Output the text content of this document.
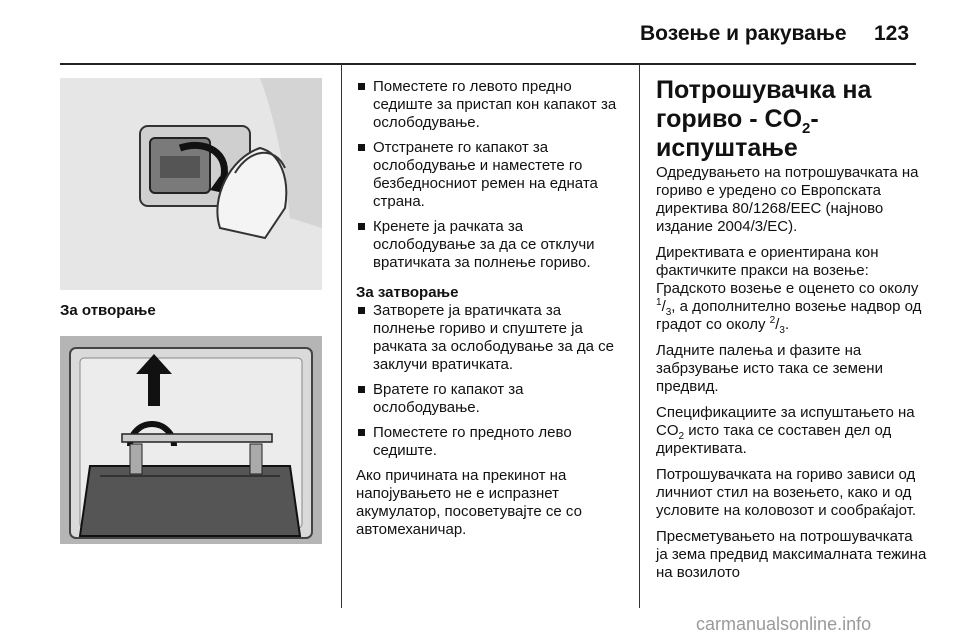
Возење и ракување 123
За отворање
Поместете го левото предно седиште за пристап кон капакот за ослободување.
Отстранете го капакот за ослободување и наместете го безбедносниот ремен на едната страна.
Кренете ја рачката за ослободување за да се отклучи вратичката за полнење гориво.
За затворање
Затворете ја вратичката за полнење гориво и спуштете ја рачката за ослободување за да се заклучи вратичката.
Вратете го капакот за ослободување.
Поместете го предното лево седиште.
Ако причината на прекинот на напојувањето не е испразнет акумулатор, посоветувајте се со автомеханичар.
Потрошувачка на
гориво - $CO_2$-испуштање

Одредувањето на потрошувачката на гориво е уредено со Европската директива 80/1268/EEC (најново издание 2004/3/EC).

Директивата е ориентирана кон фактичките пракси на возење: Градското возење е оценето со околу $^1/_3$, а дополнително возење надвор од градот со околу $^2/_3$.

Ладните палења и фазите на забрзување исто така се земени предвид.

Спецификациите за испуштањето на $CO_2$ исто така се составен дел од директивата.

Потрошувачката на гориво зависи од личниот стил на возењето, како и од условите на коловозот и сообраќајот.

Пресметувањето на потрошувачката ја зема предвид максималната тежина на возилото

carmanualsonline.info
